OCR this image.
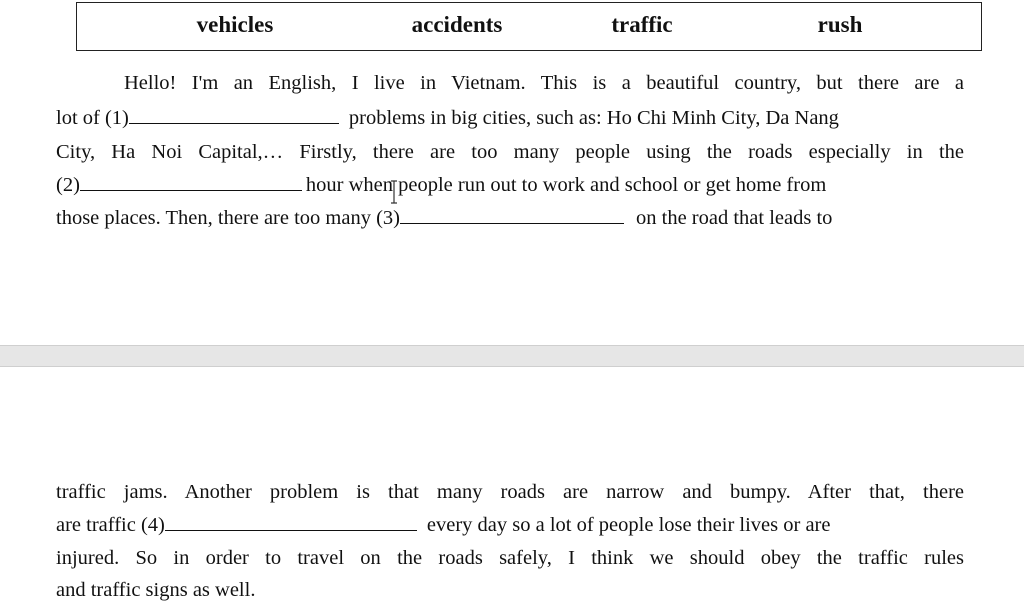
vehicles	accidents	traffic	rush
Hello! I'm an English, I live in Vietnam. This is a beautiful country, but there are a
lot of (1)	problems in big cities, such as: Ho Chi Minh City, Da Nang
City, Ha Noi Capital,… Firstly, there are too many people using the roads especially in the
(2)	hour when people run out to work and school or get home from
those places. Then, there are too many (3)	on the road that leads to
traffic jams. Another problem is that many roads are narrow and bumpy. After that, there
are traffic (4)	every day so a lot of people lose their lives or are
injured. So in order to travel on the roads safely, I think we should obey the traffic rules
and traffic signs as well.
